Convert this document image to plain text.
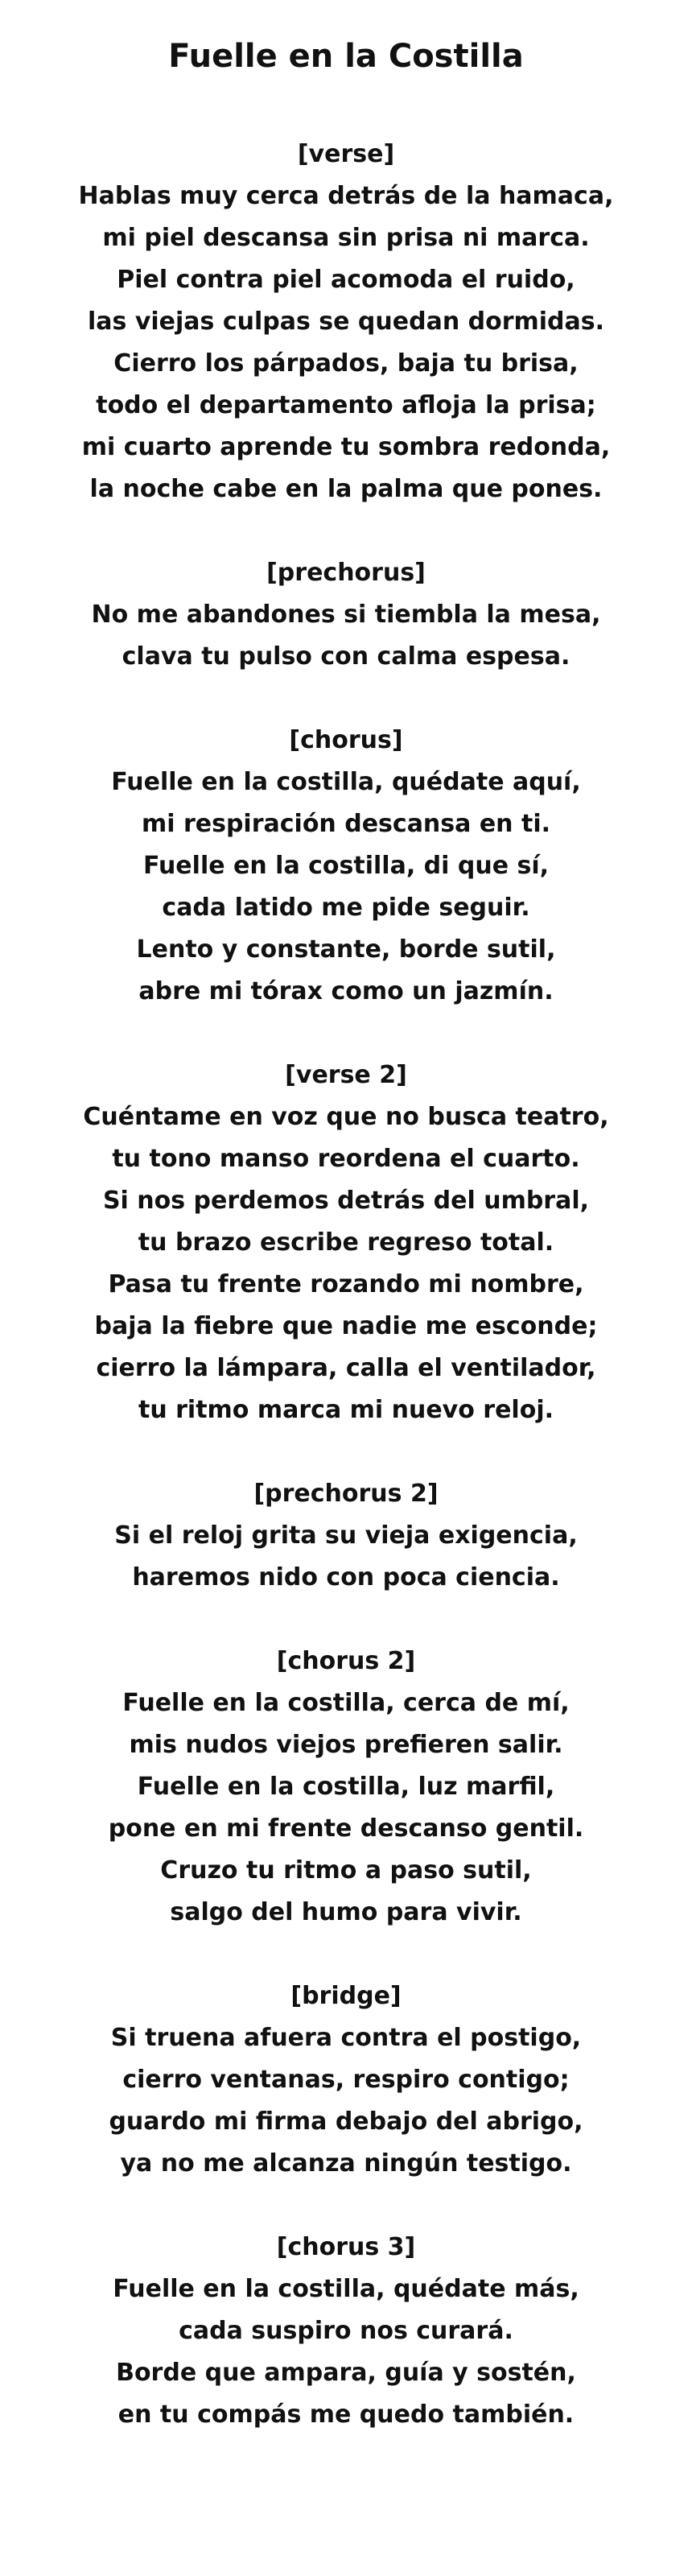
Fuelle en la Costilla

[verse]

Hablas muy cerca detrás de la hamaca,

mi piel descansa sin prisa ni marca.

Piel contra piel acomoda el ruido,

las viejas culpas se quedan dormidas.

Cierro los párpados, baja tu brisa,

todo el departamento afloja la prisa;

mi cuarto aprende tu sombra redonda,

la noche cabe en la palma que pones.

[prechorus]

No me abandones si tiembla la mesa,

clava tu pulso con calma espesa.

[chorus]

Fuelle en la costilla, quédate aquí,

mi respiración descansa en ti.

Fuelle en la costilla, di que sí,

cada latido me pide seguir.

Lento y constante, borde sutil,

abre mi tórax como un jazmín.

[verse 2]

Cuéntame en voz que no busca teatro,

tu tono manso reordena el cuarto.

Si nos perdemos detrás del umbral,

tu brazo escribe regreso total.

Pasa tu frente rozando mi nombre,

baja la fiebre que nadie me esconde;

cierro la lámpara, calla el ventilador,

tu ritmo marca mi nuevo reloj.

[prechorus 2]

Si el reloj grita su vieja exigencia,

haremos nido con poca ciencia.

[chorus 2]

Fuelle en la costilla, cerca de mí,

mis nudos viejos prefieren salir.

Fuelle en la costilla, luz marfil,

pone en mi frente descanso gentil.

Cruzo tu ritmo a paso sutil,

salgo del humo para vivir.

[bridge]

Si truena afuera contra el postigo,

cierro ventanas, respiro contigo;

guardo mi firma debajo del abrigo,

ya no me alcanza ningún testigo.

[chorus 3]

Fuelle en la costilla, quédate más,

cada suspiro nos curará.

Borde que ampara, guía y sostén,

en tu compás me quedo también.
